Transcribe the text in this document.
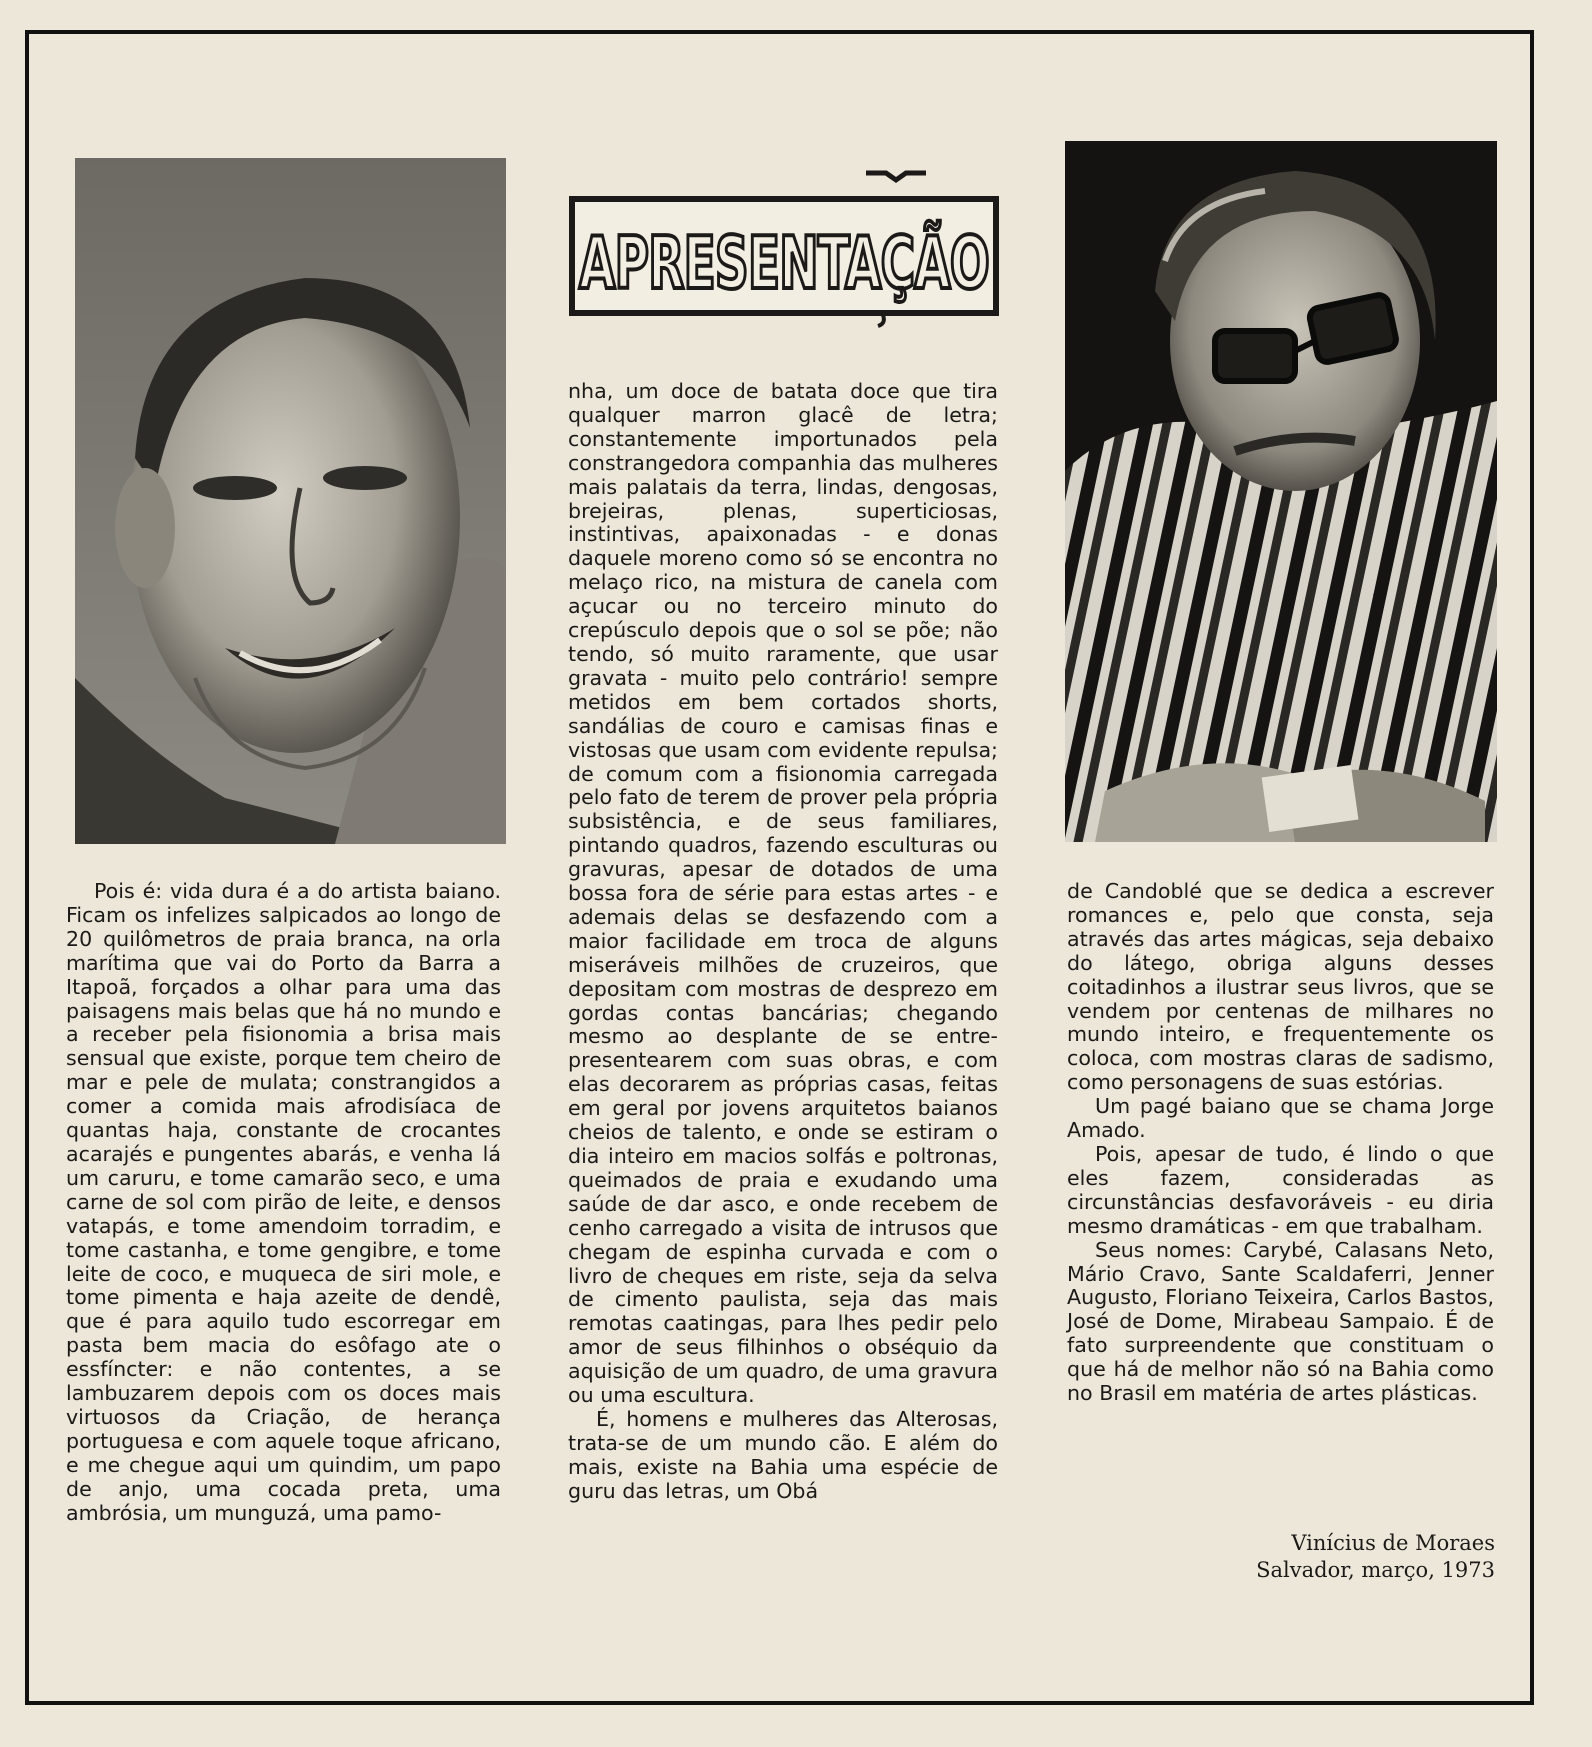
APRESENTAÇÃO

Pois é: vida dura é a do artista baiano. Ficam os infelizes salpicados ao longo de 20 quilômetros de praia branca, na orla marítima que vai do Porto da Barra a Itapoã, forçados a olhar para uma das paisagens mais belas que há no mundo e a receber pela fisionomia a brisa mais sensual que existe, porque tem cheiro de mar e pele de mulata; constrangidos a comer a comida mais afrodisíaca de quantas haja, constante de crocantes acarajés e pungentes abarás, e venha lá um caruru, e tome camarão seco, e uma carne de sol com pirão de leite, e densos vatapás, e tome amendoim torradim, e tome castanha, e tome gengibre, e tome leite de coco, e muqueca de siri mole, e tome pimenta e haja azeite de dendê, que é para aquilo tudo escorregar em pasta bem macia do esôfago ate o essfíncter: e não contentes, a se lambuzarem depois com os doces mais virtuosos da Criação, de herança portuguesa e com aquele toque africano, e me chegue aqui um quindim, um papo de anjo, uma cocada preta, uma ambrósia, um munguzá, uma pamo-

nha, um doce de batata doce que tira qualquer marron glacê de letra; constantemente importunados pela constrangedora companhia das mulheres mais palatais da terra, lindas, dengosas, brejeiras, plenas, superticiosas, instintivas, apaixonadas - e donas daquele moreno como só se encontra no melaço rico, na mistura de canela com açucar ou no terceiro minuto do crepúsculo depois que o sol se põe; não tendo, só muito raramente, que usar gravata - muito pelo contrário! sempre metidos em bem cortados shorts, sandálias de couro e camisas finas e vistosas que usam com evidente repulsa; de comum com a fisionomia carregada pelo fato de terem de prover pela própria subsistência, e de seus familiares, pintando quadros, fazendo esculturas ou gravuras, apesar de dotados de uma bossa fora de série para estas artes - e ademais delas se desfazendo com a maior facilidade em troca de alguns miseráveis milhões de cruzeiros, que depositam com mostras de desprezo em gordas contas bancárias; chegando mesmo ao desplante de se entre-presentearem com suas obras, e com elas decorarem as próprias casas, feitas em geral por jovens arquitetos baianos cheios de talento, e onde se estiram o dia inteiro em macios solfás e poltronas, queimados de praia e exudando uma saúde de dar asco, e onde recebem de cenho carregado a visita de intrusos que chegam de espinha curvada e com o livro de cheques em riste, seja da selva de cimento paulista, seja das mais remotas caatingas, para lhes pedir pelo amor de seus filhinhos o obséquio da aquisição de um quadro, de uma gravura ou uma escultura.

É, homens e mulheres das Alterosas, trata-se de um mundo cão. E além do mais, existe na Bahia uma espécie de guru das letras, um Obá

de Candoblé que se dedica a escrever romances e, pelo que consta, seja através das artes mágicas, seja debaixo do látego, obriga alguns desses coitadinhos a ilustrar seus livros, que se vendem por centenas de milhares no mundo inteiro, e frequentemente os coloca, com mostras claras de sadismo, como personagens de suas estórias.

Um pagé baiano que se chama Jorge Amado.

Pois, apesar de tudo, é lindo o que eles fazem, consideradas as circunstâncias desfavoráveis - eu diria mesmo dramáticas - em que trabalham.

Seus nomes: Carybé, Calasans Neto, Mário Cravo, Sante Scaldaferri, Jenner Augusto, Floriano Teixeira, Carlos Bastos, José de Dome, Mirabeau Sampaio. É de fato surpreendente que constituam o que há de melhor não só na Bahia como no Brasil em matéria de artes plásticas.

Vinícius de Moraes
Salvador, março, 1973
